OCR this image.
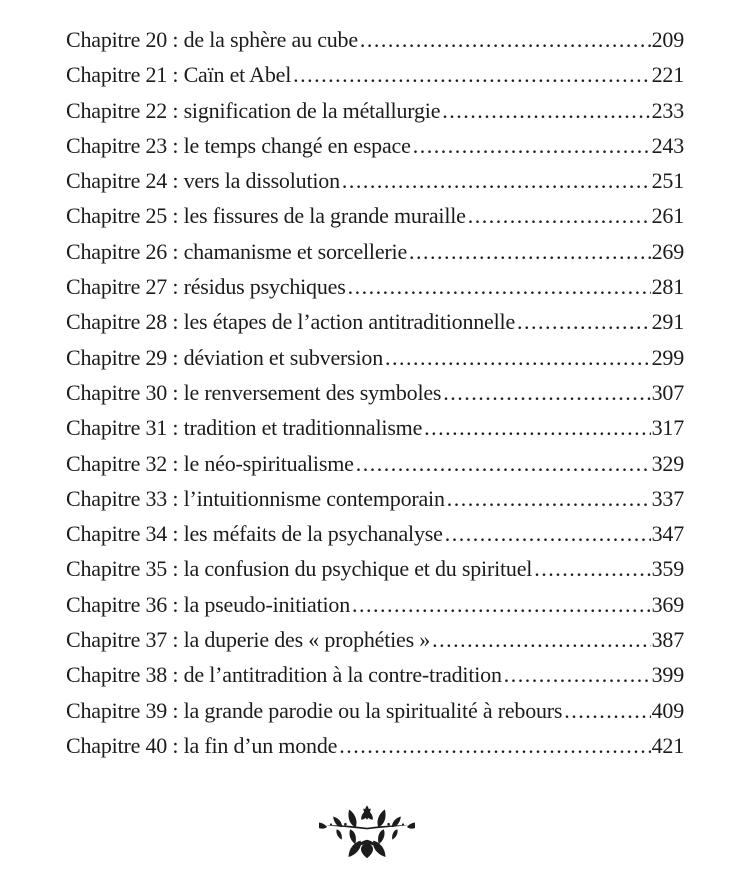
Chapitre 20 : de la sphère au cube .....	209
Chapitre 21 : Caïn et Abel .....	221
Chapitre 22 : signification de la métallurgie .....	233
Chapitre 23 : le temps changé en espace .....	243
Chapitre 24 : vers la dissolution .....	251
Chapitre 25 : les fissures de la grande muraille .....	261
Chapitre 26 : chamanisme et sorcellerie .....	269
Chapitre 27 : résidus psychiques .....	281
Chapitre 28 : les étapes de l’action antitraditionnelle .....	291
Chapitre 29 : déviation et subversion .....	299
Chapitre 30 : le renversement des symboles .....	307
Chapitre 31 : tradition et traditionnalisme .....	317
Chapitre 32 : le néo-spiritualisme .....	329
Chapitre 33 : l’intuitionnisme contemporain .....	337
Chapitre 34 : les méfaits de la psychanalyse .....	347
Chapitre 35 : la confusion du psychique et du spirituel .....	359
Chapitre 36 : la pseudo-initiation .....	369
Chapitre 37 : la duperie des « prophéties » .....	387
Chapitre 38 : de l’antitradition à la contre-tradition .....	399
Chapitre 39 : la grande parodie ou la spiritualité à rebours .....	409
Chapitre 40 : la fin d’un monde .....	421
